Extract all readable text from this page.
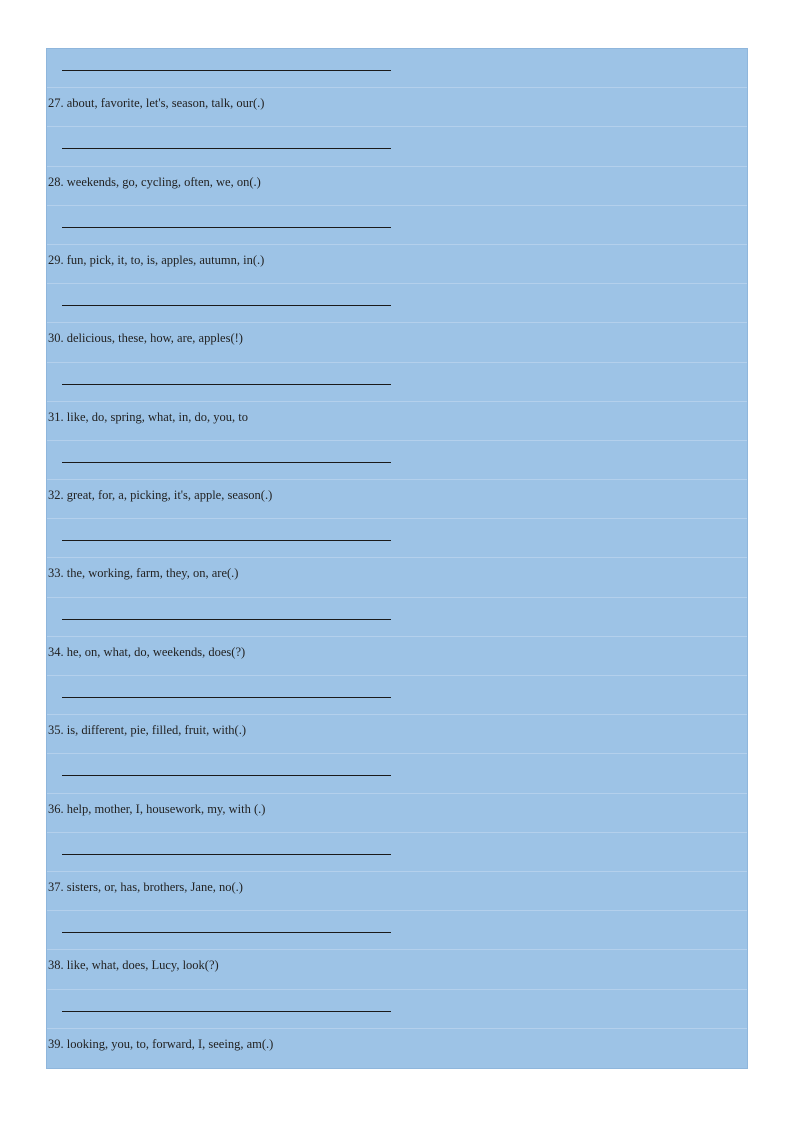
27. about, favorite, let's, season, talk, our(.)
28. weekends, go, cycling, often, we, on(.)
29. fun, pick, it, to, is, apples, autumn, in(.)
30. delicious, these, how, are, apples(!)
31. like, do, spring, what, in, do, you, to
32. great, for, a, picking, it's, apple, season(.)
33. the, working, farm, they, on, are(.)
34. he, on, what, do, weekends, does(?)
35. is, different, pie, filled, fruit, with(.)
36. help, mother, I, housework, my, with (.)
37. sisters, or, has, brothers, Jane, no(.)
38. like, what, does, Lucy, look(?)
39. looking, you, to, forward, I, seeing, am(.)
